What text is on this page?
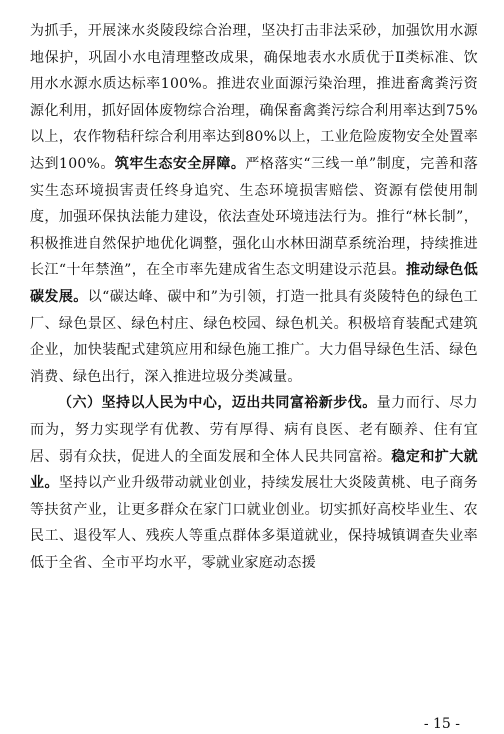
为抓手，开展涞水炎陵段综合治理，坚决打击非法采砂，加强饮用水源地保护，巩固小水电清理整改成果，确保地表水水质优于Ⅱ类标准、饮用水水源水质达标率100%。推进农业面源污染治理，推进畜禽粪污资源化利用，抓好固体废物综合治理，确保畜禽粪污综合利用率达到75%以上，农作物秸秆综合利用率达到80%以上，工业危险废物安全处置率达到100%。筑牢生态安全屏障。严格落实“三线一单”制度，完善和落实生态环境损害责任终身追究、生态环境损害赔偿、资源有偿使用制度，加强环保执法能力建设，依法查处环境违法行为。推行“林长制”，积极推进自然保护地优化调整，强化山水林田湖草系统治理，持续推进长江“十年禁渔”，在全市率先建成省生态文明建设示范县。推动绿色低碳发展。以“碳达峰、碳中和”为引领，打造一批具有炎陵特色的绿色工厂、绿色景区、绿色村庄、绿色校园、绿色机关。积极培育装配式建筑企业，加快装配式建筑应用和绿色施工推广。大力倡导绿色生活、绿色消费、绿色出行，深入推进垃圾分类减量。

（六）坚持以人民为中心，迈出共同富裕新步伐。量力而行、尽力而为，努力实现学有优教、劳有厚得、病有良医、老有颐养、住有宜居、弱有众扶，促进人的全面发展和全体人民共同富裕。稳定和扩大就业。坚持以产业升级带动就业创业，持续发展壮大炎陵黄桃、电子商务等扶贫产业，让更多群众在家门口就业创业。切实抓好高校毕业生、农民工、退役军人、残疾人等重点群体多渠道就业，保持城镇调查失业率低于全省、全市平均水平，零就业家庭动态援

- 15 -
